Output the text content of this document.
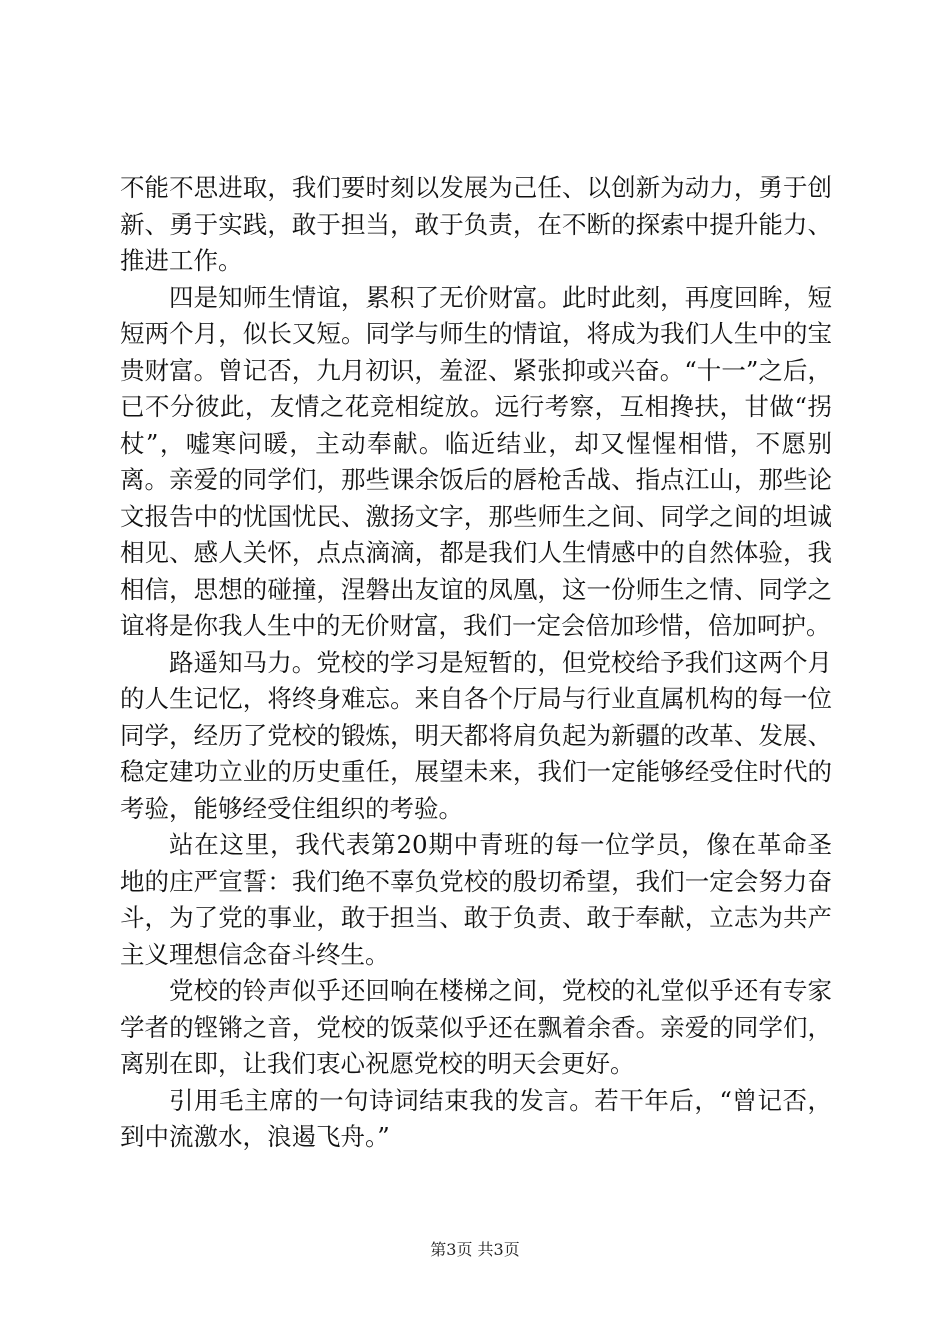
不能不思进取，我们要时刻以发展为己任、以创新为动力，勇于创新、勇于实践，敢于担当，敢于负责，在不断的探索中提升能力、推进工作。

四是知师生情谊，累积了无价财富。此时此刻，再度回眸，短短两个月，似长又短。同学与师生的情谊，将成为我们人生中的宝贵财富。曾记否，九月初识，羞涩、紧张抑或兴奋。“十一”之后，已不分彼此，友情之花竞相绽放。远行考察，互相搀扶，甘做“拐杖”，嘘寒问暖，主动奉献。临近结业，却又惺惺相惜，不愿别离。亲爱的同学们，那些课余饭后的唇枪舌战、指点江山，那些论文报告中的忧国忧民、激扬文字，那些师生之间、同学之间的坦诚相见、感人关怀，点点滴滴，都是我们人生情感中的自然体验，我相信，思想的碰撞，涅磐出友谊的凤凰，这一份师生之情、同学之谊将是你我人生中的无价财富，我们一定会倍加珍惜，倍加呵护。

路遥知马力。党校的学习是短暂的，但党校给予我们这两个月的人生记忆，将终身难忘。来自各个厅局与行业直属机构的每一位同学，经历了党校的锻炼，明天都将肩负起为新疆的改革、发展、稳定建功立业的历史重任，展望未来，我们一定能够经受住时代的考验，能够经受住组织的考验。

站在这里，我代表第20期中青班的每一位学员，像在革命圣地的庄严宣誓：我们绝不辜负党校的殷切希望，我们一定会努力奋斗，为了党的事业，敢于担当、敢于负责、敢于奉献，立志为共产主义理想信念奋斗终生。

党校的铃声似乎还回响在楼梯之间，党校的礼堂似乎还有专家学者的铿锵之音，党校的饭菜似乎还在飘着余香。亲爱的同学们，离别在即，让我们衷心祝愿党校的明天会更好。

引用毛主席的一句诗词结束我的发言。若干年后，“曾记否，到中流激水，浪遏飞舟。”

第3页 共3页
